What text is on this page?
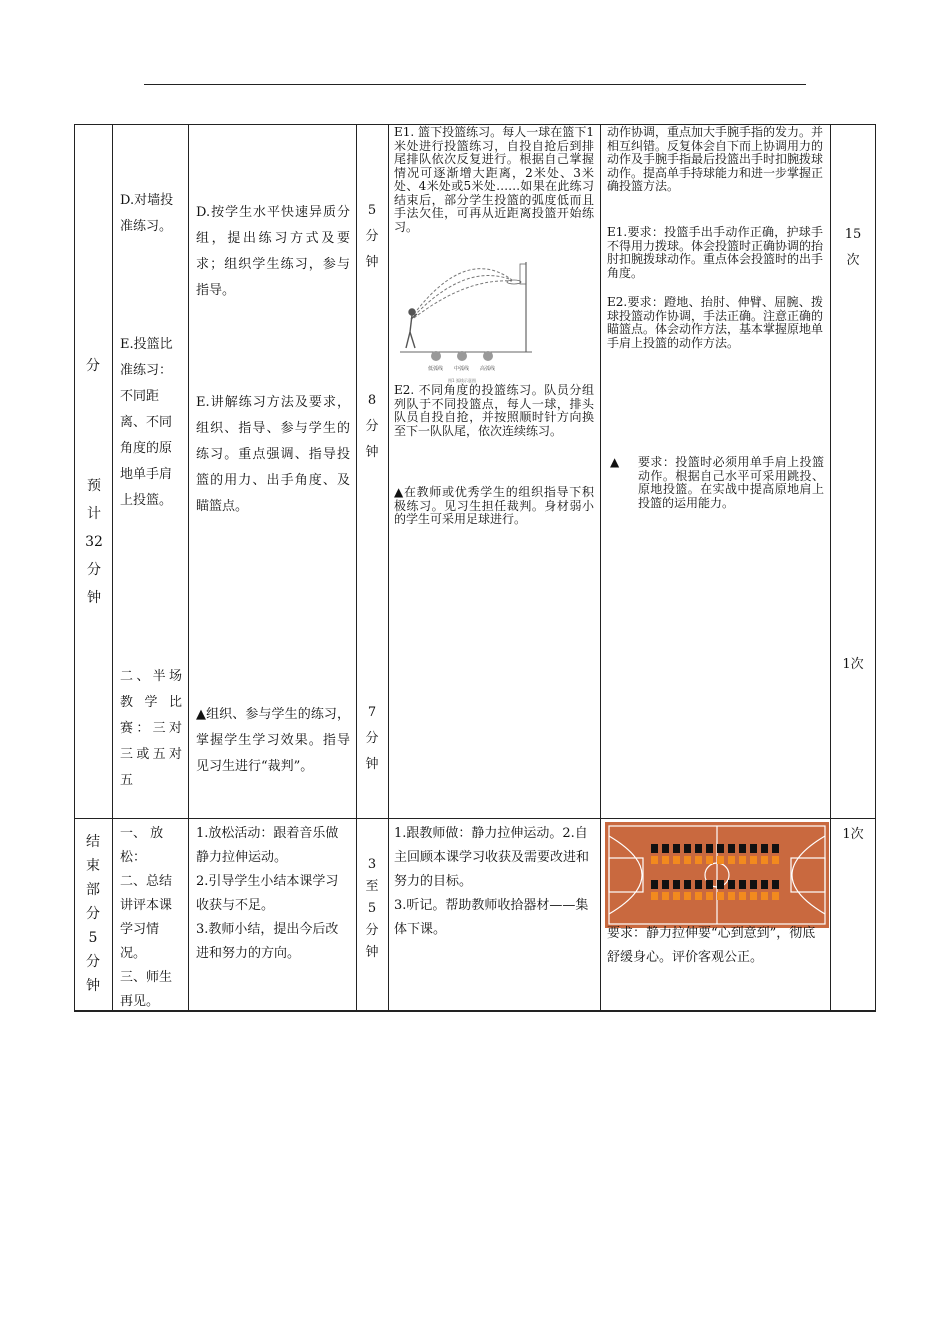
分
预计32分钟
D.对墙投准练习。
D.按学生水平快速异质分组，提出练习方式及要求；组织学生练习，参与指导。
5
分
钟
E1. 篮下投篮练习。每人一球在篮下1米处进行投篮练习，自投自抢后到排尾排队依次反复进行。根据自己掌握情况可逐渐增大距离，2米处、3米处、4米处或5米处……如果在此练习结束后，部分学生投篮的弧度低而且手法欠佳，可再从近距离投篮开始练习。
低弧线 中弧线 高弧线
图1 弧线示意图
动作协调，重点加大手腕手指的发力。并相互纠错。反复体会自下而上协调用力的动作及手腕手指最后投篮出手时扣腕拨球动作。提高单手持球能力和进一步掌握正确投篮方法。
E1.要求：投篮手出手动作正确，护球手不得用力拨球。体会投篮时正确协调的抬肘扣腕拨球动作。重点体会投篮时的出手角度。
E2.要求：蹬地、抬肘、伸臂、屈腕、拨球投篮动作协调，手法正确。注意正确的瞄篮点。体会动作方法，基本掌握原地单手肩上投篮的动作方法。
15
次
E.投篮比准练习：不同距离、不同角度的原地单手肩上投篮。
E.讲解练习方法及要求，组织、指导、参与学生的练习。重点强调、指导投篮的用力、出手角度、及瞄篮点。
8
分
钟
E2. 不同角度的投篮练习。队员分组列队于不同投篮点，每人一球，排头队员自投自抢，并按照顺时针方向换至下一队队尾，依次连续练习。
▲在教师或优秀学生的组织指导下积极练习。见习生担任裁判。身材弱小的学生可采用足球进行。
▲	要求：投篮时必须用单手肩上投篮动作。根据自己水平可采用跳投、原地投篮。在实战中提高原地肩上投篮的运用能力。
二、半场教学比赛：三对三或五对五
▲组织、参与学生的练习，掌握学生学习效果。指导见习生进行“裁判”。
7
分
钟
1次
结
束
部
分
5
分
钟
一、 放松：
二、总结讲评本课学习情况。
三、师生再见。
1.放松活动：跟着音乐做静力拉伸运动。
2.引导学生小结本课学习收获与不足。
3.教师小结，提出今后改进和努力的方向。
3
至
5
分
钟
1.跟教师做：静力拉伸运动。2.自主回顾本课学习收获及需要改进和努力的目标。
3.听记。帮助教师收拾器材——集体下课。	要求：静力拉伸要“心到意到”，彻底舒缓身心。评价客观公正。
1次
